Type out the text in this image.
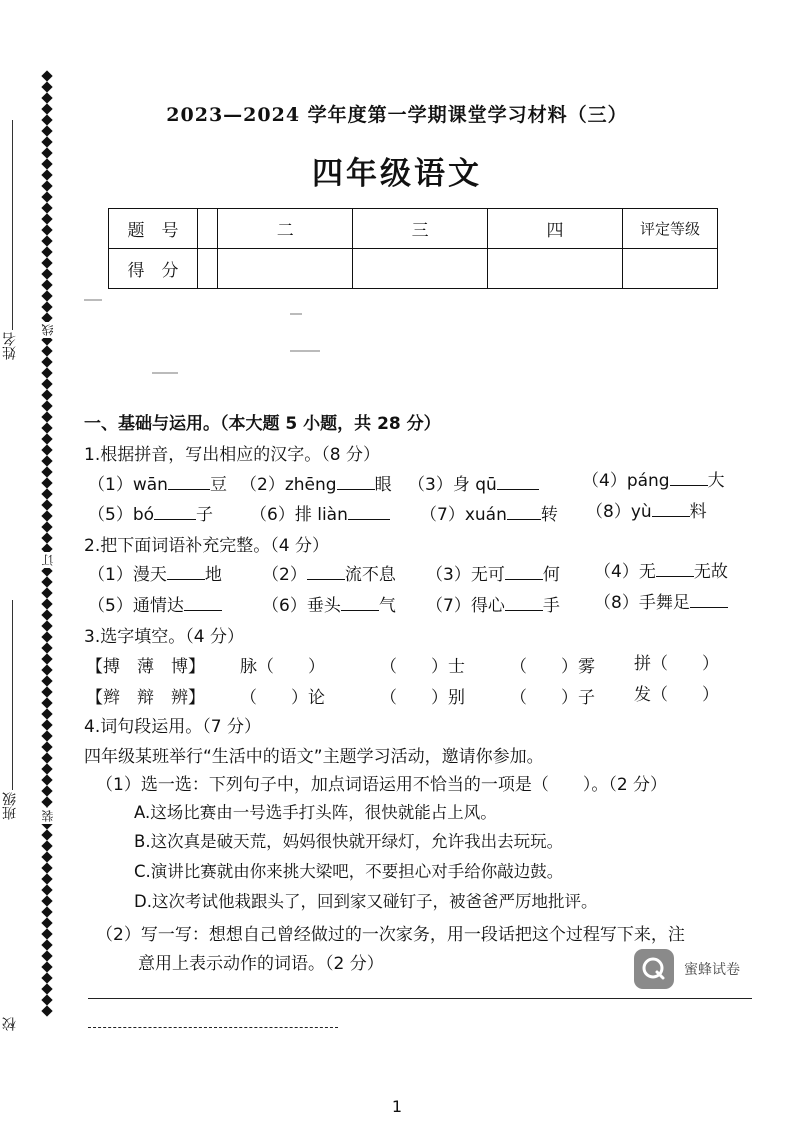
姓名
班级
校
线
订
装
2023—2024 学年度第一学期课堂学习材料（三）
四年级语文
题　号		二	三	四	评定等级
得　分					
一、基础与运用。（本大题 5 小题，共 28 分）
1.根据拼音，写出相应的汉字。（8 分）
（1）wān 豆 （2）zhēng 眼 （3）身 qū	（4）páng 大
（5）bó 子 （6）排 liàn	（7）xuán 转 （8）yù 料
2.把下面词语补充完整。（4 分）
（1）漫天 地 （2） 流不息 （3）无可 何 （4）无 无故
（5）通情达	（6）垂头 气 （7）得心 手 （8）手舞足
3.选字填空。（4 分）
【搏　薄　博】 脉（　　）	（　　）士	（　　）雾 拼（　　）
【辫　辩　辨】 （　　）论	（　　）别	（　　）子 发（　　）
4.词句段运用。（7 分）
四年级某班举行“生活中的语文”主题学习活动，邀请你参加。
（1）选一选：下列句子中，加点词语运用不恰当的一项是（　　）。（2 分）
A.这场比赛由一号选手打头阵，很快就能占上风。
B.这次真是破天荒，妈妈很快就开绿灯，允许我出去玩玩。
C.演讲比赛就由你来挑大梁吧，不要担心对手给你敲边鼓。
D.这次考试他栽跟头了，回到家又碰钉子，被爸爸严厉地批评。
（2）写一写：想想自己曾经做过的一次家务，用一段话把这个过程写下来，注
意用上表示动作的词语。（2 分）	蜜蜂试卷
1
